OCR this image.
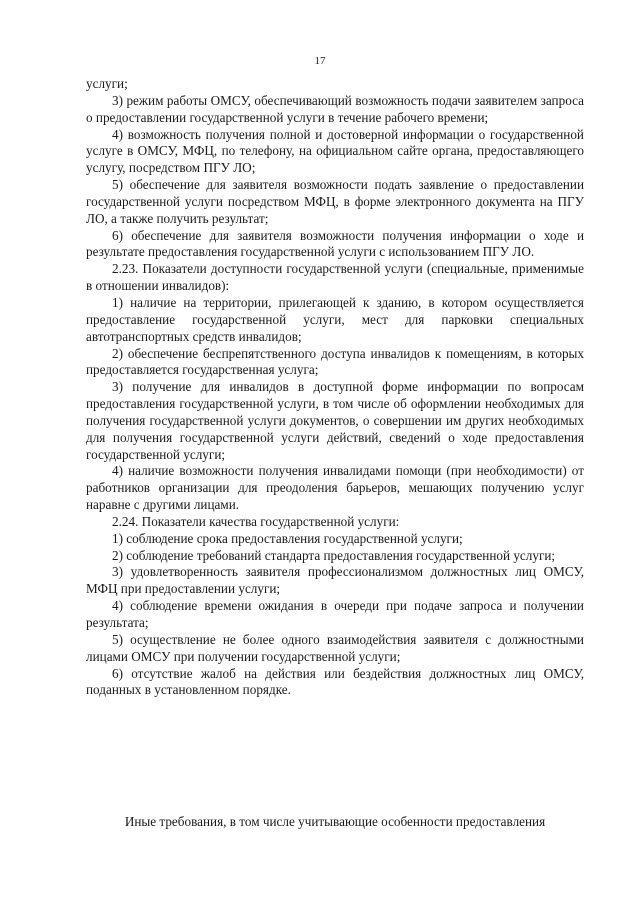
17

услуги;

3) режим работы ОМСУ, обеспечивающий возможность подачи заявителем запроса о предоставлении государственной услуги в течение рабочего времени;

4) возможность получения полной и достоверной информации о государственной услуге в ОМСУ, МФЦ, по телефону, на официальном сайте органа, предоставляющего услугу, посредством ПГУ ЛО;

5) обеспечение для заявителя возможности подать заявление о предоставлении государственной услуги посредством МФЦ, в форме электронного документа на ПГУ ЛО, а также получить результат;

6) обеспечение для заявителя возможности получения информации о ходе и результате предоставления государственной услуги с использованием ПГУ ЛО.

2.23. Показатели доступности государственной услуги (специальные, применимые в отношении инвалидов):

1) наличие на территории, прилегающей к зданию, в котором осуществляется предоставление государственной услуги, мест для парковки специальных автотранспортных средств инвалидов;

2) обеспечение беспрепятственного доступа инвалидов к помещениям, в которых предоставляется государственная услуга;

3) получение для инвалидов в доступной форме информации по вопросам предоставления государственной услуги, в том числе об оформлении необходимых для получения государственной услуги документов, о совершении им других необходимых для получения государственной услуги действий, сведений о ходе предоставления государственной услуги;

4) наличие возможности получения инвалидами помощи (при необходимости) от работников организации для преодоления барьеров, мешающих получению услуг наравне с другими лицами.

2.24. Показатели качества государственной услуги:

1) соблюдение срока предоставления государственной услуги;

2) соблюдение требований стандарта предоставления государственной услуги;

3) удовлетворенность заявителя профессионализмом должностных лиц ОМСУ, МФЦ при предоставлении услуги;

4) соблюдение времени ожидания в очереди при подаче запроса и получении результата;

5) осуществление не более одного взаимодействия заявителя с должностными лицами ОМСУ при получении государственной услуги;

6) отсутствие жалоб на действия или бездействия должностных лиц ОМСУ, поданных в установленном порядке.

Иные требования, в том числе учитывающие особенности предоставления
